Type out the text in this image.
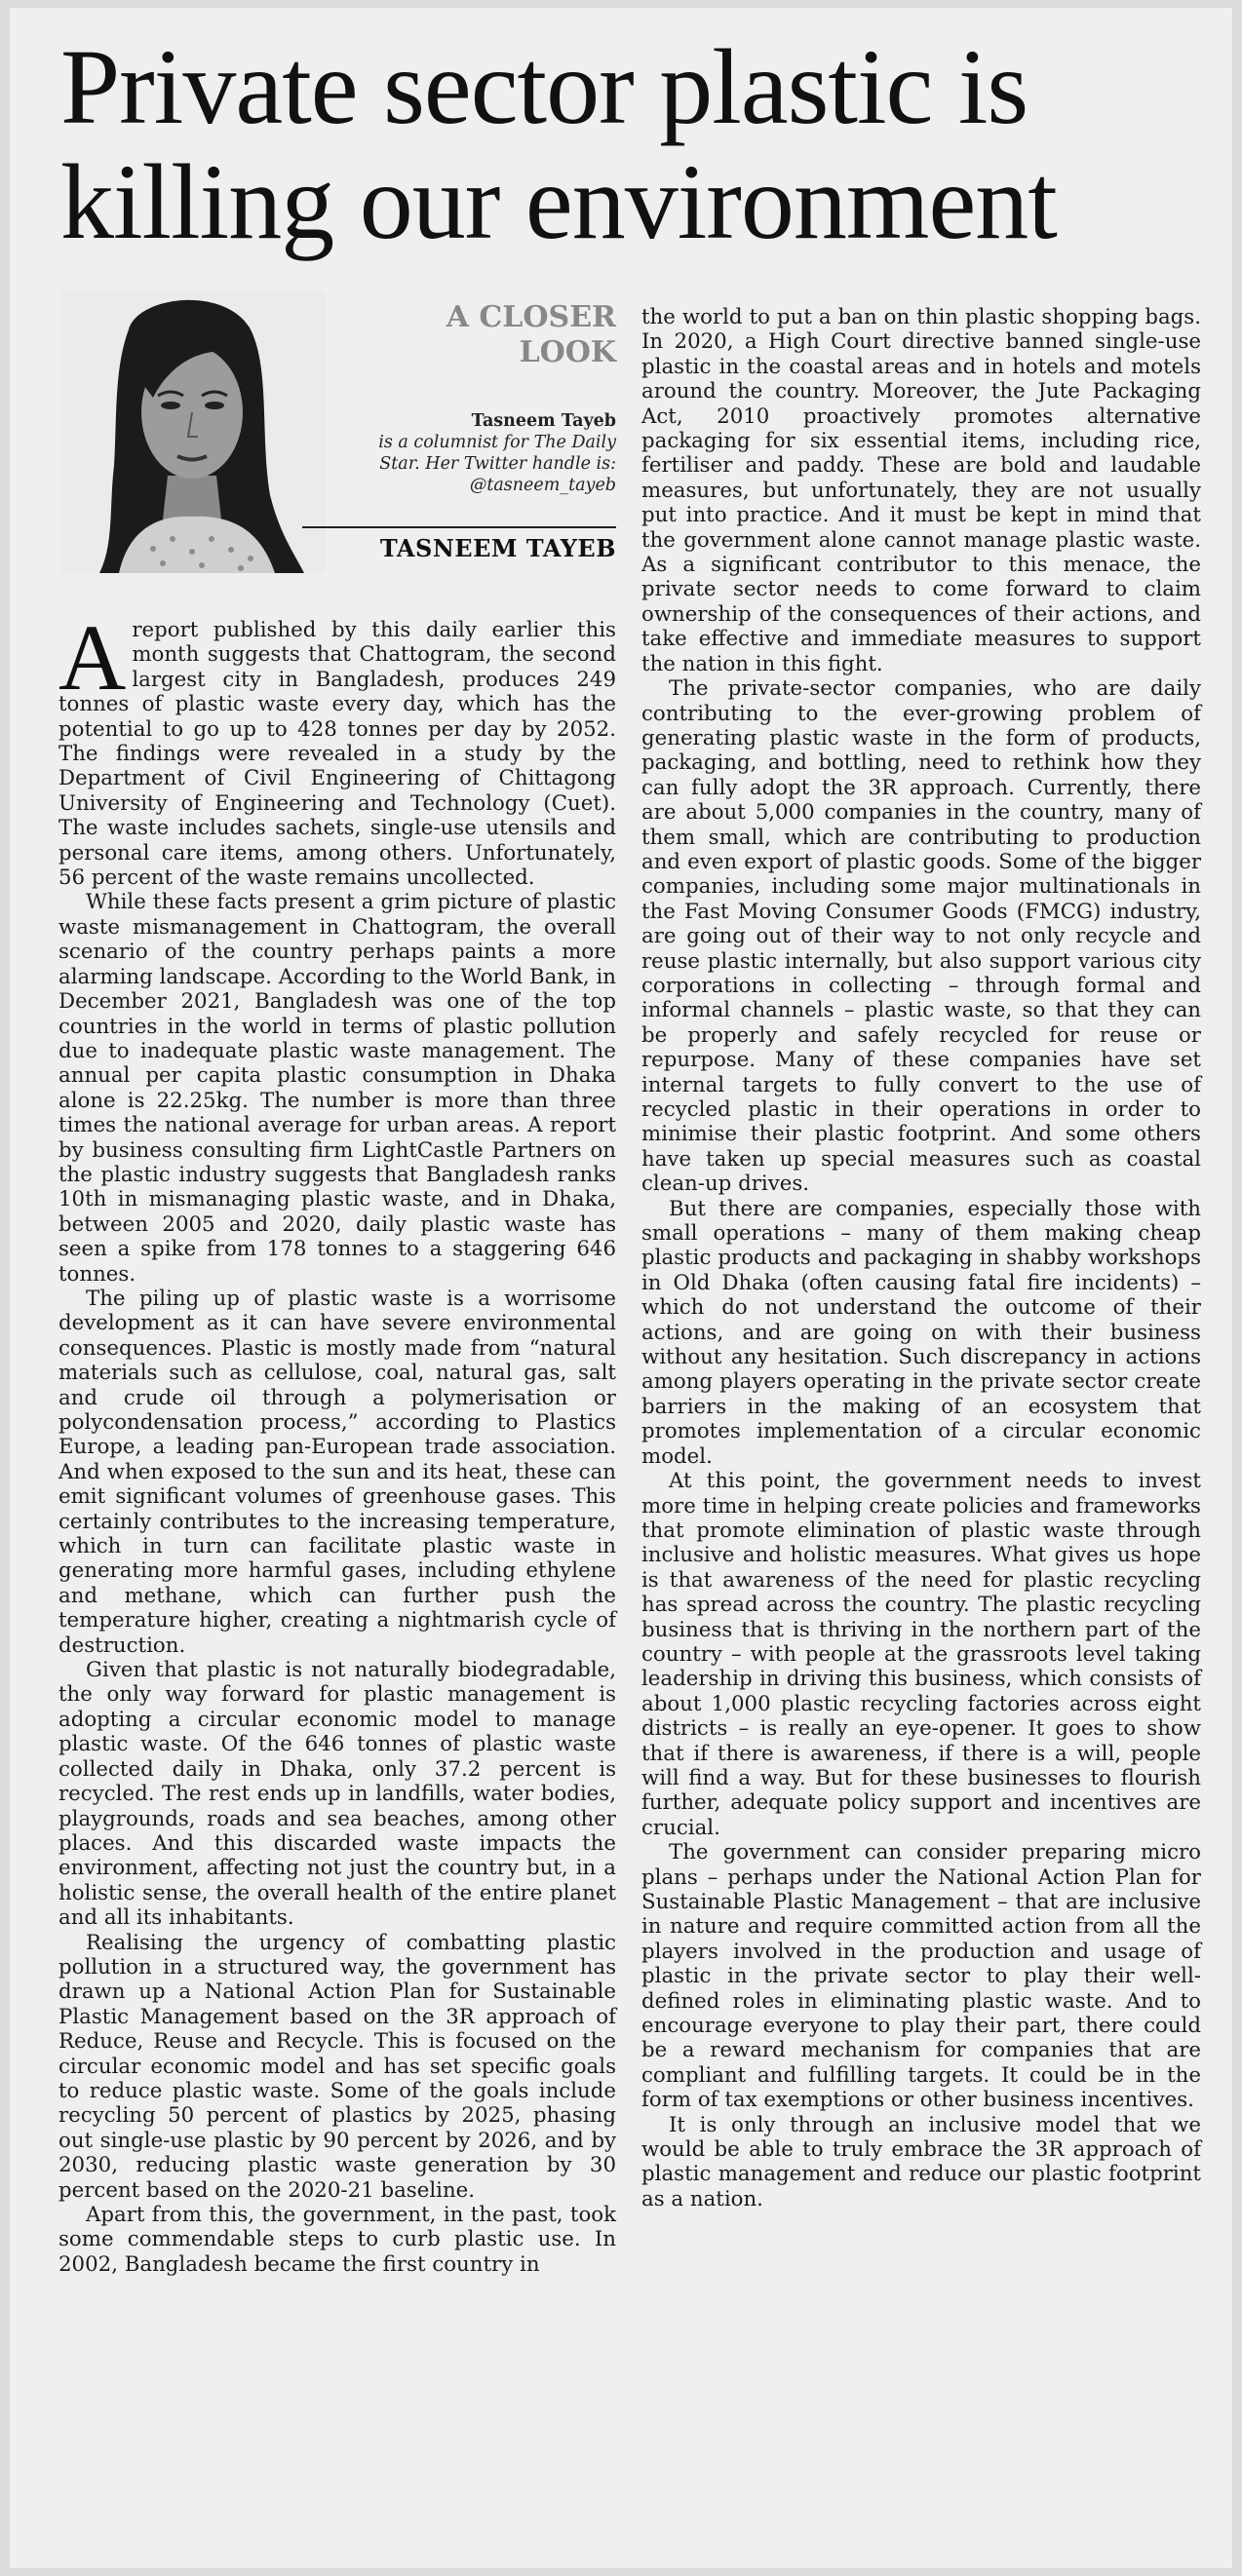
Private sector plastic is killing our environment
A CLOSER LOOK
Tasneem Tayeb
is a columnist for The Daily Star. Her Twitter handle is: @tasneem_tayeb
TASNEEM TAYEB

Areport published by this daily earlier this month suggests that Chattogram, the second largest city in Bangladesh, produces 249 tonnes of plastic waste every day, which has the potential to go up to 428 tonnes per day by 2052. The findings were revealed in a study by the Department of Civil Engineering of Chittagong University of Engineering and Technology (Cuet). The waste includes sachets, single-use utensils and personal care items, among others. Unfortunately, 56 percent of the waste remains uncollected.

While these facts present a grim picture of plastic waste mismanagement in Chattogram, the overall scenario of the country perhaps paints a more alarming landscape. According to the World Bank, in December 2021, Bangladesh was one of the top countries in the world in terms of plastic pollution due to inadequate plastic waste management. The annual per capita plastic consumption in Dhaka alone is 22.25kg. The number is more than three times the national average for urban areas. A report by business consulting firm LightCastle Partners on the plastic industry suggests that Bangladesh ranks 10th in mismanaging plastic waste, and in Dhaka, between 2005 and 2020, daily plastic waste has seen a spike from 178 tonnes to a staggering 646 tonnes.

The piling up of plastic waste is a worrisome development as it can have severe environmental consequences. Plastic is mostly made from “natural materials such as cellulose, coal, natural gas, salt and crude oil through a polymerisation or polycondensation process,” according to Plastics Europe, a leading pan-European trade association. And when exposed to the sun and its heat, these can emit significant volumes of greenhouse gases. This certainly contributes to the increasing temperature, which in turn can facilitate plastic waste in generating more harmful gases, including ethylene and methane, which can further push the temperature higher, creating a nightmarish cycle of destruction.

Given that plastic is not naturally biodegradable, the only way forward for plastic management is adopting a circular economic model to manage plastic waste. Of the 646 tonnes of plastic waste collected daily in Dhaka, only 37.2 percent is recycled. The rest ends up in landfills, water bodies, playgrounds, roads and sea beaches, among other places. And this discarded waste impacts the environment, affecting not just the country but, in a holistic sense, the overall health of the entire planet and all its inhabitants.

Realising the urgency of combatting plastic pollution in a structured way, the government has drawn up a National Action Plan for Sustainable Plastic Management based on the 3R approach of Reduce, Reuse and Recycle. This is focused on the circular economic model and has set specific goals to reduce plastic waste. Some of the goals include recycling 50 percent of plastics by 2025, phasing out single-use plastic by 90 percent by 2026, and by 2030, reducing plastic waste generation by 30 percent based on the 2020-21 baseline.

Apart from this, the government, in the past, took some commendable steps to curb plastic use. In 2002, Bangladesh became the first country in

the world to put a ban on thin plastic shopping bags. In 2020, a High Court directive banned single-use plastic in the coastal areas and in hotels and motels around the country. Moreover, the Jute Packaging Act, 2010 proactively promotes alternative packaging for six essential items, including rice, fertiliser and paddy. These are bold and laudable measures, but unfortunately, they are not usually put into practice. And it must be kept in mind that the government alone cannot manage plastic waste. As a significant contributor to this menace, the private sector needs to come forward to claim ownership of the consequences of their actions, and take effective and immediate measures to support the nation in this fight.

The private-sector companies, who are daily contributing to the ever-growing problem of generating plastic waste in the form of products, packaging, and bottling, need to rethink how they can fully adopt the 3R approach. Currently, there are about 5,000 companies in the country, many of them small, which are contributing to production and even export of plastic goods. Some of the bigger companies, including some major multinationals in the Fast Moving Consumer Goods (FMCG) industry, are going out of their way to not only recycle and reuse plastic internally, but also support various city corporations in collecting – through formal and informal channels – plastic waste, so that they can be properly and safely recycled for reuse or repurpose. Many of these companies have set internal targets to fully convert to the use of recycled plastic in their operations in order to minimise their plastic footprint. And some others have taken up special measures such as coastal clean-up drives.

But there are companies, especially those with small operations – many of them making cheap plastic products and packaging in shabby workshops in Old Dhaka (often causing fatal fire incidents) – which do not understand the outcome of their actions, and are going on with their business without any hesitation. Such discrepancy in actions among players operating in the private sector create barriers in the making of an ecosystem that promotes implementation of a circular economic model.

At this point, the government needs to invest more time in helping create policies and frameworks that promote elimination of plastic waste through inclusive and holistic measures. What gives us hope is that awareness of the need for plastic recycling has spread across the country. The plastic recycling business that is thriving in the northern part of the country – with people at the grassroots level taking leadership in driving this business, which consists of about 1,000 plastic recycling factories across eight districts – is really an eye-opener. It goes to show that if there is awareness, if there is a will, people will find a way. But for these businesses to flourish further, adequate policy support and incentives are crucial.

The government can consider preparing micro plans – perhaps under the National Action Plan for Sustainable Plastic Management – that are inclusive in nature and require committed action from all the players involved in the production and usage of plastic in the private sector to play their well-defined roles in eliminating plastic waste. And to encourage everyone to play their part, there could be a reward mechanism for companies that are compliant and fulfilling targets. It could be in the form of tax exemptions or other business incentives.

It is only through an inclusive model that we would be able to truly embrace the 3R approach of plastic management and reduce our plastic footprint as a nation.
